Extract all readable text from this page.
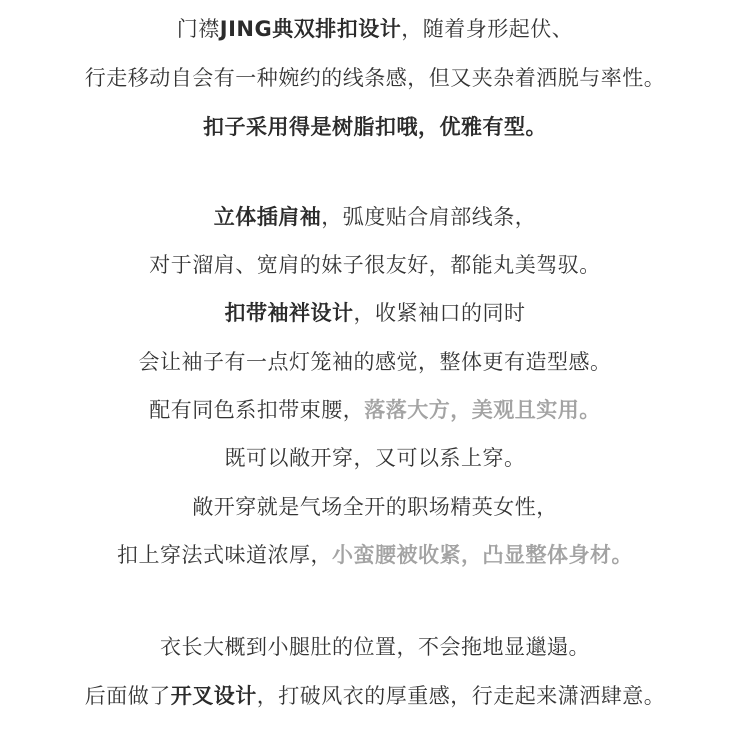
门襟JING典双排扣设计，随着身形起伏、
行走移动自会有一种婉约的线条感，但又夹杂着洒脱与率性。
扣子采用得是树脂扣哦，优雅有型。
立体插肩袖，弧度贴合肩部线条，
对于溜肩、宽肩的妹子很友好，都能丸美驾驭。
扣带袖袢设计，收紧袖口的同时
会让袖子有一点灯笼袖的感觉，整体更有造型感。
配有同色系扣带束腰，落落大方，美观且实用。
既可以敞开穿，又可以系上穿。
敞开穿就是气场全开的职场精英女性，
扣上穿法式味道浓厚，小蛮腰被收紧，凸显整体身材。
衣长大概到小腿肚的位置，不会拖地显邋遢。
后面做了开叉设计，打破风衣的厚重感，行走起来潇洒肆意。
